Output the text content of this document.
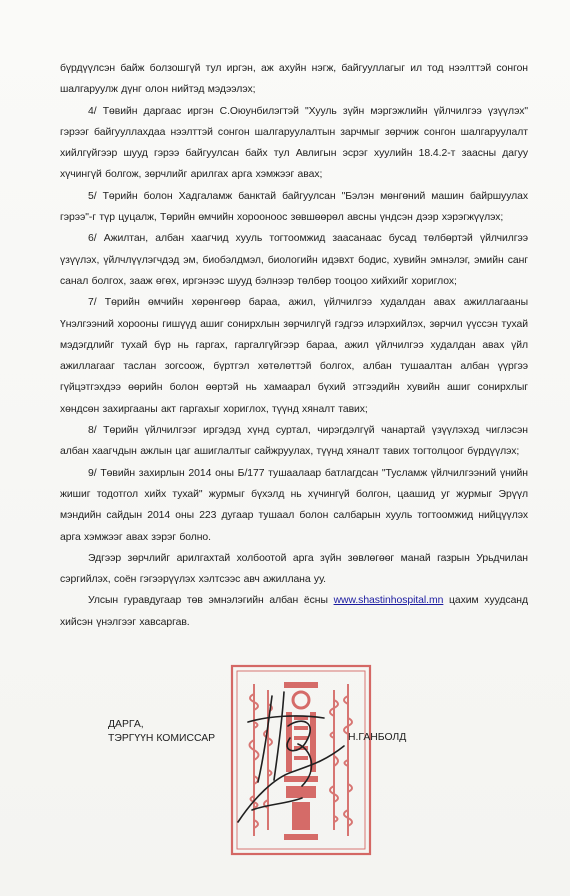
бүрдүүлсэн байж болзошгүй тул иргэн, аж ахуйн нэгж, байгууллагыг ил тод нээлттэй сонгон шалгаруулж дүнг олон нийтэд мэдээлэх;

4/ Төвийн даргаас иргэн С.Оюунбилэгтэй "Хууль зүйн мэргэжлийн үйлчилгээ үзүүлэх" гэрээг байгууллахдаа нээлттэй сонгон шалгаруулалтын зарчмыг зөрчиж сонгон шалгаруулалт хийлгүйгээр шууд гэрээ байгуулсан байх тул Авлигын эсрэг хуулийн 18.4.2-т заасны дагуу хүчингүй болгож, зөрчлийг арилгах арга хэмжээг авах;

5/ Төрийн болон Хадгаламж банктай байгуулсан "Бэлэн мөнгөний машин байршуулах гэрээ"-г түр цуцалж, Төрийн өмчийн хорооноос зөвшөөрөл авсны үндсэн дээр хэрэгжүүлэх;

6/ Ажилтан, албан хаагчид хууль тогтоомжид заасанаас бусад төлбөртэй үйлчилгээ үзүүлэх, үйлчлүүлэгчдэд эм, биобэлдмэл, биологийн идэвхт бодис, хувийн эмнэлэг, эмийн санг санал болгох, зааж өгөх, иргэнээс шууд бэлнээр төлбөр тооцоо хийхийг хориглох;

7/ Төрийн өмчийн хөрөнгөөр бараа, ажил, үйлчилгээ худалдан авах ажиллагааны Үнэлгээний хорооны гишүүд ашиг сонирхлын зөрчилгүй гэдгээ илэрхийлэх, зөрчил үүссэн тухай мэдэгдлийг тухай бүр нь гаргах, гаргалгүйгээр бараа, ажил үйлчилгээ худалдан авах үйл ажиллагааг таслан зогсоож, бүртгэл хөтөлөттэй болгох, албан тушаалтан албан үүргээ гүйцэтгэхдээ өөрийн болон өөртэй нь хамаарал бүхий этгээдийн хувийн ашиг сонирхлыг хөндсөн захиргааны акт гаргахыг хориглох, түүнд хяналт тавих;

8/ Төрийн үйлчилгээг иргэдэд хүнд суртал, чирэгдэлгүй чанартай үзүүлэхэд чиглэсэн албан хаагчдын ажлын цаг ашиглалтыг сайжруулах, түүнд хяналт тавих тогтолцоог бүрдүүлэх;

9/ Төвийн захирлын 2014 оны Б/177 тушаалаар батлагдсан "Тусламж үйлчилгээний үнийн жишиг тодотгол хийх тухай" журмыг бүхэлд нь хүчингүй болгон, цаашид уг журмыг Эрүүл мэндийн сайдын 2014 оны 223 дугаар тушаал болон салбарын хууль тогтоомжид нийцүүлэх арга хэмжээг авах зэрэг болно.

Эдгээр зөрчлийг арилгахтай холбоотой арга зүйн зөвлөгөөг манай газрын Урьдчилан сэргийлэх, соён гэгээрүүлэх хэлтсээс авч ажиллана уу.

Улсын гуравдугаар төв эмнэлэгийн албан ёсны www.shastinhospital.mn цахим хуудсанд хийсэн үнэлгээг хавсаргав.

ДАРГА,
ТЭРГҮҮН КОМИССАР	Н.ГАНБОЛД
